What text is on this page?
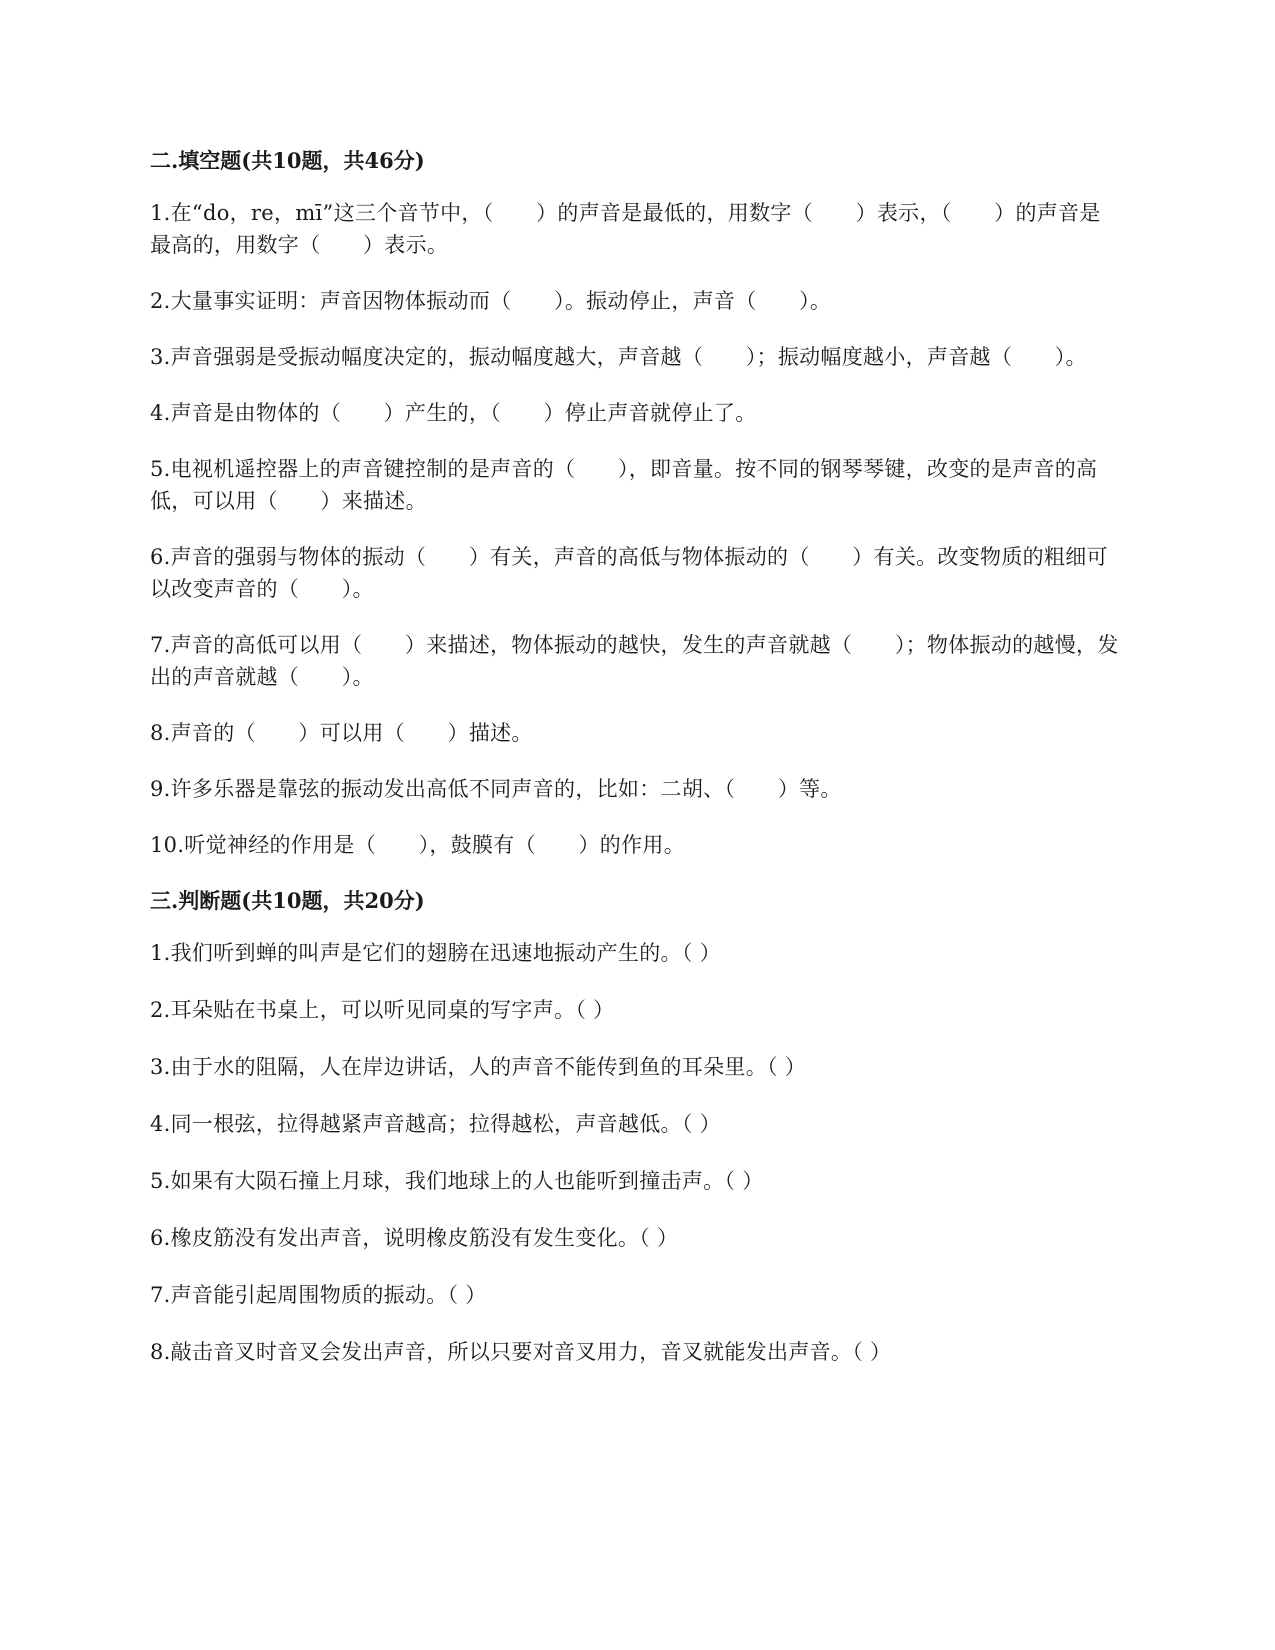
二.填空题(共10题，共46分)

1.在“do，re，mī”这三个音节中，（　　）的声音是最低的，用数字（　　）表示，（　　）的声音是最高的，用数字（　　）表示。

2.大量事实证明：声音因物体振动而（　　）。振动停止，声音（　　）。

3.声音强弱是受振动幅度决定的，振动幅度越大，声音越（　　）；振动幅度越小，声音越（　　）。

4.声音是由物体的（　　）产生的，（　　）停止声音就停止了。

5.电视机遥控器上的声音键控制的是声音的（　　），即音量。按不同的钢琴琴键，改变的是声音的高低，可以用（　　）来描述。

6.声音的强弱与物体的振动（　　）有关，声音的高低与物体振动的（　　）有关。改变物质的粗细可以改变声音的（　　）。

7.声音的高低可以用（　　）来描述，物体振动的越快，发生的声音就越（　　）；物体振动的越慢，发出的声音就越（　　）。

8.声音的（　　）可以用（　　）描述。

9.许多乐器是靠弦的振动发出高低不同声音的，比如：二胡、（　　）等。

10.听觉神经的作用是（　　），鼓膜有（　　）的作用。

三.判断题(共10题，共20分)

1.我们听到蝉的叫声是它们的翅膀在迅速地振动产生的。（ ）

2.耳朵贴在书桌上，可以听见同桌的写字声。（ ）

3.由于水的阻隔，人在岸边讲话，人的声音不能传到鱼的耳朵里。（ ）

4.同一根弦，拉得越紧声音越高；拉得越松，声音越低。（ ）

5.如果有大陨石撞上月球，我们地球上的人也能听到撞击声。（ ）

6.橡皮筋没有发出声音，说明橡皮筋没有发生变化。（ ）

7.声音能引起周围物质的振动。（ ）

8.敲击音叉时音叉会发出声音，所以只要对音叉用力，音叉就能发出声音。（ ）
